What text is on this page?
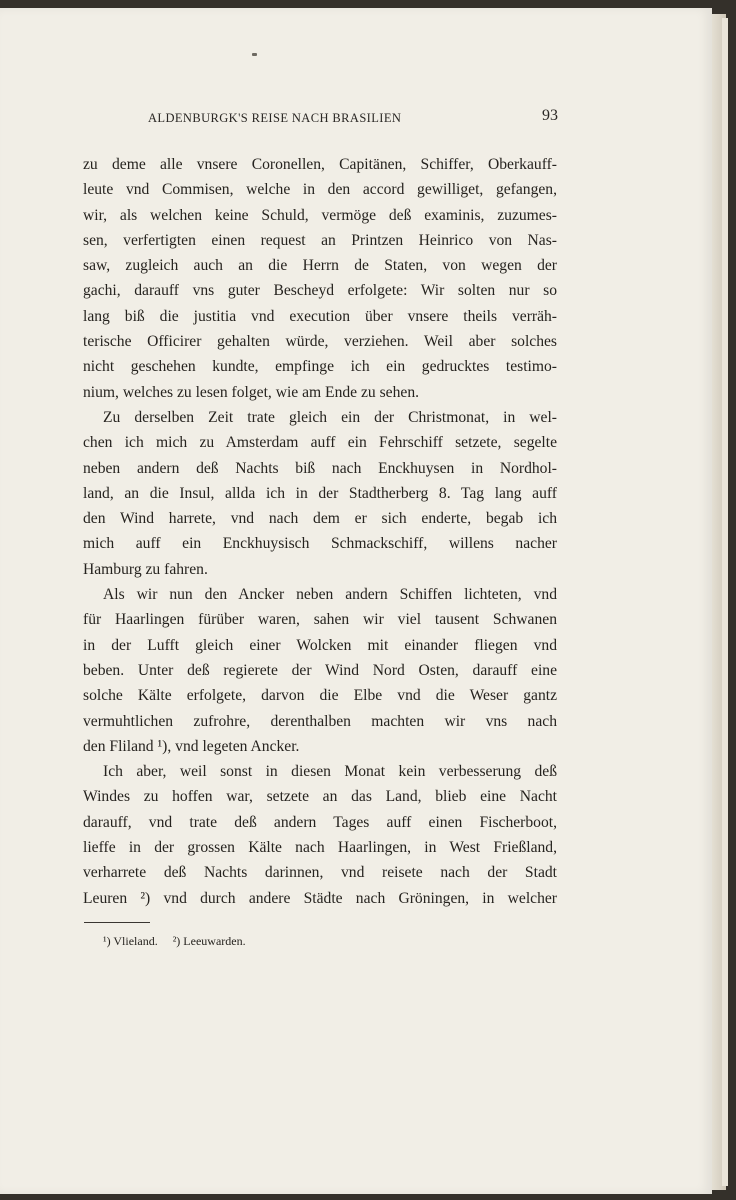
ALDENBURGK'S REISE NACH BRASILIEN	93
zu deme alle vnsere Coronellen, Capitänen, Schiffer, Oberkauff-
leute vnd Commisen, welche in den accord gewilliget, gefangen,
wir, als welchen keine Schuld, vermöge deß examinis, zuzumes-
sen, verfertigten einen request an Printzen Heinrico von Nas-
saw, zugleich auch an die Herrn de Staten, von wegen der
gachi, darauff vns guter Bescheyd erfolgete: Wir solten nur so
lang biß die justitia vnd execution über vnsere theils verräh-
terische Officirer gehalten würde, verziehen. Weil aber solches
nicht geschehen kundte, empfinge ich ein gedrucktes testimo-
nium, welches zu lesen folget, wie am Ende zu sehen.
Zu derselben Zeit trate gleich ein der Christmonat, in wel-
chen ich mich zu Amsterdam auff ein Fehrschiff setzete, segelte
neben andern deß Nachts biß nach Enckhuysen in Nordhol-
land, an die Insul, allda ich in der Stadtherberg 8. Tag lang auff
den Wind harrete, vnd nach dem er sich enderte, begab ich
mich auff ein Enckhuysisch Schmackschiff, willens nacher
Hamburg zu fahren.
Als wir nun den Ancker neben andern Schiffen lichteten, vnd
für Haarlingen fürüber waren, sahen wir viel tausent Schwanen
in der Lufft gleich einer Wolcken mit einander fliegen vnd
beben. Unter deß regierete der Wind Nord Osten, darauff eine
solche Kälte erfolgete, darvon die Elbe vnd die Weser gantz
vermuhtlichen zufrohre, derenthalben machten wir vns nach
den Fliland ¹), vnd legeten Ancker.
Ich aber, weil sonst in diesen Monat kein verbesserung deß
Windes zu hoffen war, setzete an das Land, blieb eine Nacht
darauff, vnd trate deß andern Tages auff einen Fischerboot,
lieffe in der grossen Kälte nach Haarlingen, in West Frießland,
verharrete deß Nachts darinnen, vnd reisete nach der Stadt
Leuren ²) vnd durch andere Städte nach Gröningen, in welcher
¹) Vlieland. ²) Leeuwarden.
